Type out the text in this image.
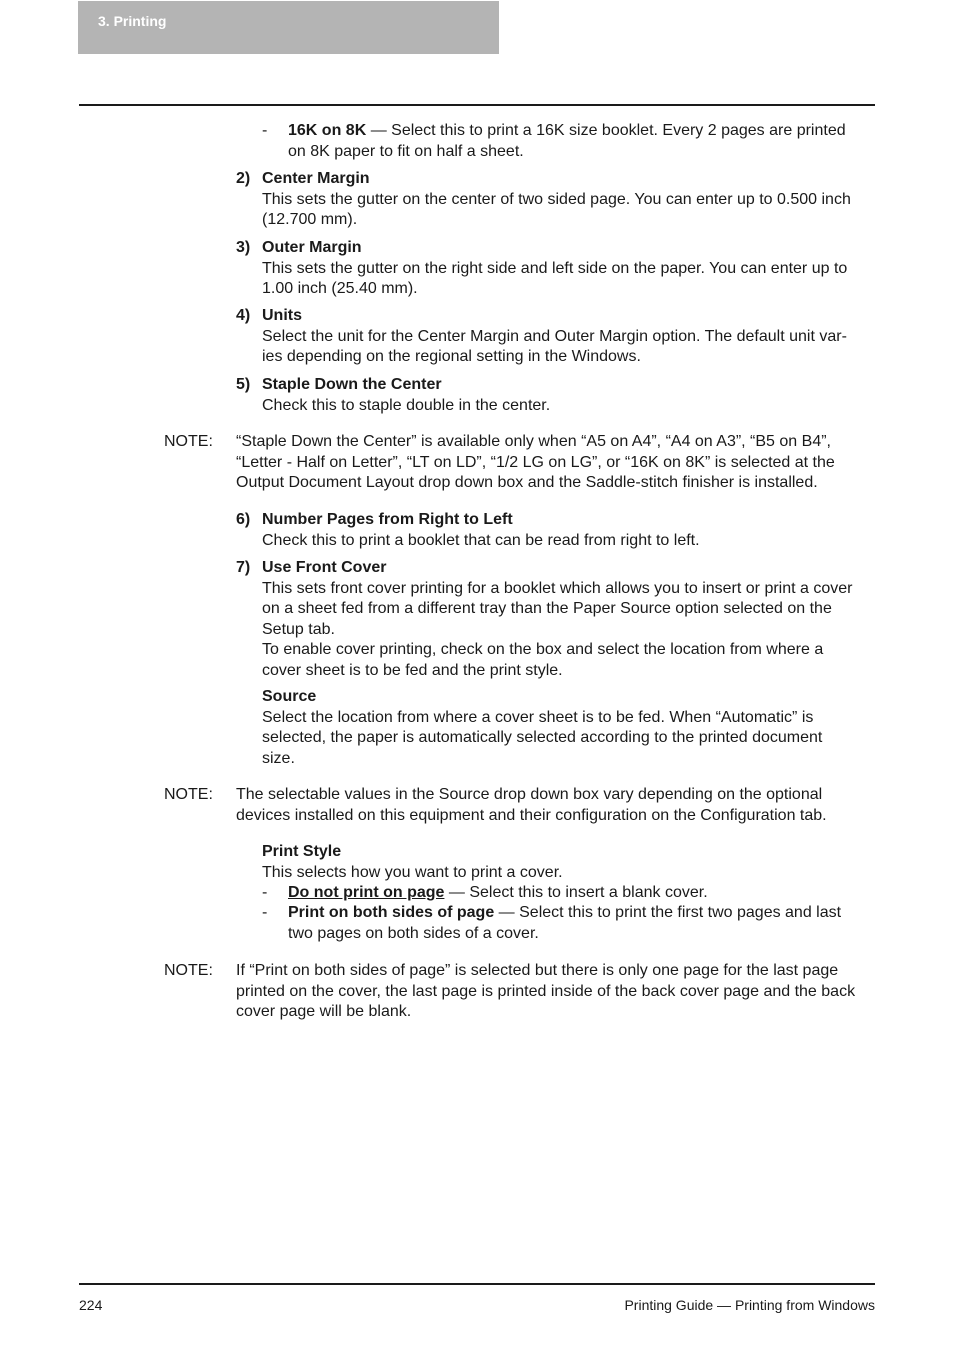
3. Printing
- 16K on 8K — Select this to print a 16K size booklet. Every 2 pages are printed

on 8K paper to fit on half a sheet.

2) Center Margin

This sets the gutter on the center of two sided page. You can enter up to 0.500 inch

(12.700 mm).

3) Outer Margin

This sets the gutter on the right side and left side on the paper. You can enter up to

1.00 inch (25.40 mm).

4) Units

Select the unit for the Center Margin and Outer Margin option. The default unit var-

ies depending on the regional setting in the Windows.

5) Staple Down the Center

Check this to staple double in the center.

NOTE: “Staple Down the Center” is available only when “A5 on A4”, “A4 on A3”, “B5 on B4”,

“Letter - Half on Letter”, “LT on LD”, “1/2 LG on LG”, or “16K on 8K” is selected at the

Output Document Layout drop down box and the Saddle-stitch finisher is installed.

6) Number Pages from Right to Left

Check this to print a booklet that can be read from right to left.

7) Use Front Cover

This sets front cover printing for a booklet which allows you to insert or print a cover

on a sheet fed from a different tray than the Paper Source option selected on the

Setup tab.

To enable cover printing, check on the box and select the location from where a

cover sheet is to be fed and the print style.

Source

Select the location from where a cover sheet is to be fed. When “Automatic” is

selected, the paper is automatically selected according to the printed document

size.

NOTE: The selectable values in the Source drop down box vary depending on the optional

devices installed on this equipment and their configuration on the Configuration tab.

Print Style

This selects how you want to print a cover.

- Do not print on page — Select this to insert a blank cover.

- Print on both sides of page — Select this to print the first two pages and last

two pages on both sides of a cover.

NOTE: If “Print on both sides of page” is selected but there is only one page for the last page

printed on the cover, the last page is printed inside of the back cover page and the back

cover page will be blank.

224	Printing Guide — Printing from Windows
